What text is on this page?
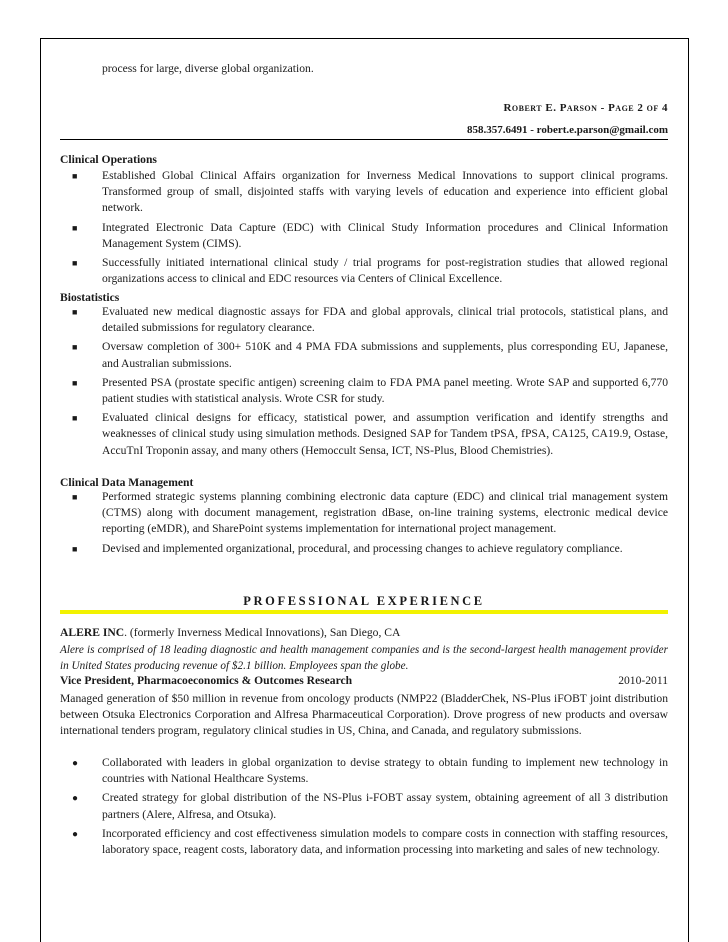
process for large, diverse global organization.
Robert E. Parson - Page 2 of 4
858.357.6491 - robert.e.parson@gmail.com
Clinical Operations
■
Established Global Clinical Affairs organization for Inverness Medical Innovations to support clinical programs. Transformed group of small, disjointed staffs with varying levels of education and experience into efficient global network.
■
Integrated Electronic Data Capture (EDC) with Clinical Study Information procedures and Clinical Information Management System (CIMS).
■
Successfully initiated international clinical study / trial programs for post-registration studies that allowed regional organizations access to clinical and EDC resources via Centers of Clinical Excellence.
Biostatistics
■
Evaluated new medical diagnostic assays for FDA and global approvals, clinical trial protocols, statistical plans, and detailed submissions for regulatory clearance.
■
Oversaw completion of 300+ 510K and 4 PMA FDA submissions and supplements, plus corresponding EU, Japanese, and Australian submissions.
■
Presented PSA (prostate specific antigen) screening claim to FDA PMA panel meeting. Wrote SAP and supported 6,770 patient studies with statistical analysis. Wrote CSR for study.
■
Evaluated clinical designs for efficacy, statistical power, and assumption verification and identify strengths and weaknesses of clinical study using simulation methods. Designed SAP for Tandem tPSA, fPSA, CA125, CA19.9, Ostase, AccuTnI Troponin assay, and many others (Hemoccult Sensa, ICT, NS-Plus, Blood Chemistries).
Clinical Data Management
■
Performed strategic systems planning combining electronic data capture (EDC) and clinical trial management system (CTMS) along with document management, registration dBase, on-line training systems, electronic medical device reporting (eMDR), and SharePoint systems implementation for international project management.
■
Devised and implemented organizational, procedural, and processing changes to achieve regulatory compliance.
PROFESSIONAL EXPERIENCE
ALERE INC. (formerly Inverness Medical Innovations), San Diego, CA
Alere is comprised of 18 leading diagnostic and health management companies and is the second-largest health management provider in United States producing revenue of $2.1 billion. Employees span the globe.
Vice President, Pharmacoeconomics & Outcomes Research	2010-2011
Managed generation of $50 million in revenue from oncology products (NMP22 (BladderChek, NS-Plus iFOBT joint distribution between Otsuka Electronics Corporation and Alfresa Pharmaceutical Corporation). Drove progress of new products and oversaw international tenders program, regulatory clinical studies in US, China, and Canada, and regulatory submissions.
●
Collaborated with leaders in global organization to devise strategy to obtain funding to implement new technology in countries with National Healthcare Systems.
●
Created strategy for global distribution of the NS-Plus i-FOBT assay system, obtaining agreement of all 3 distribution partners (Alere, Alfresa, and Otsuka).
●
Incorporated efficiency and cost effectiveness simulation models to compare costs in connection with staffing resources, laboratory space, reagent costs, laboratory data, and information processing into marketing and sales of new technology.
